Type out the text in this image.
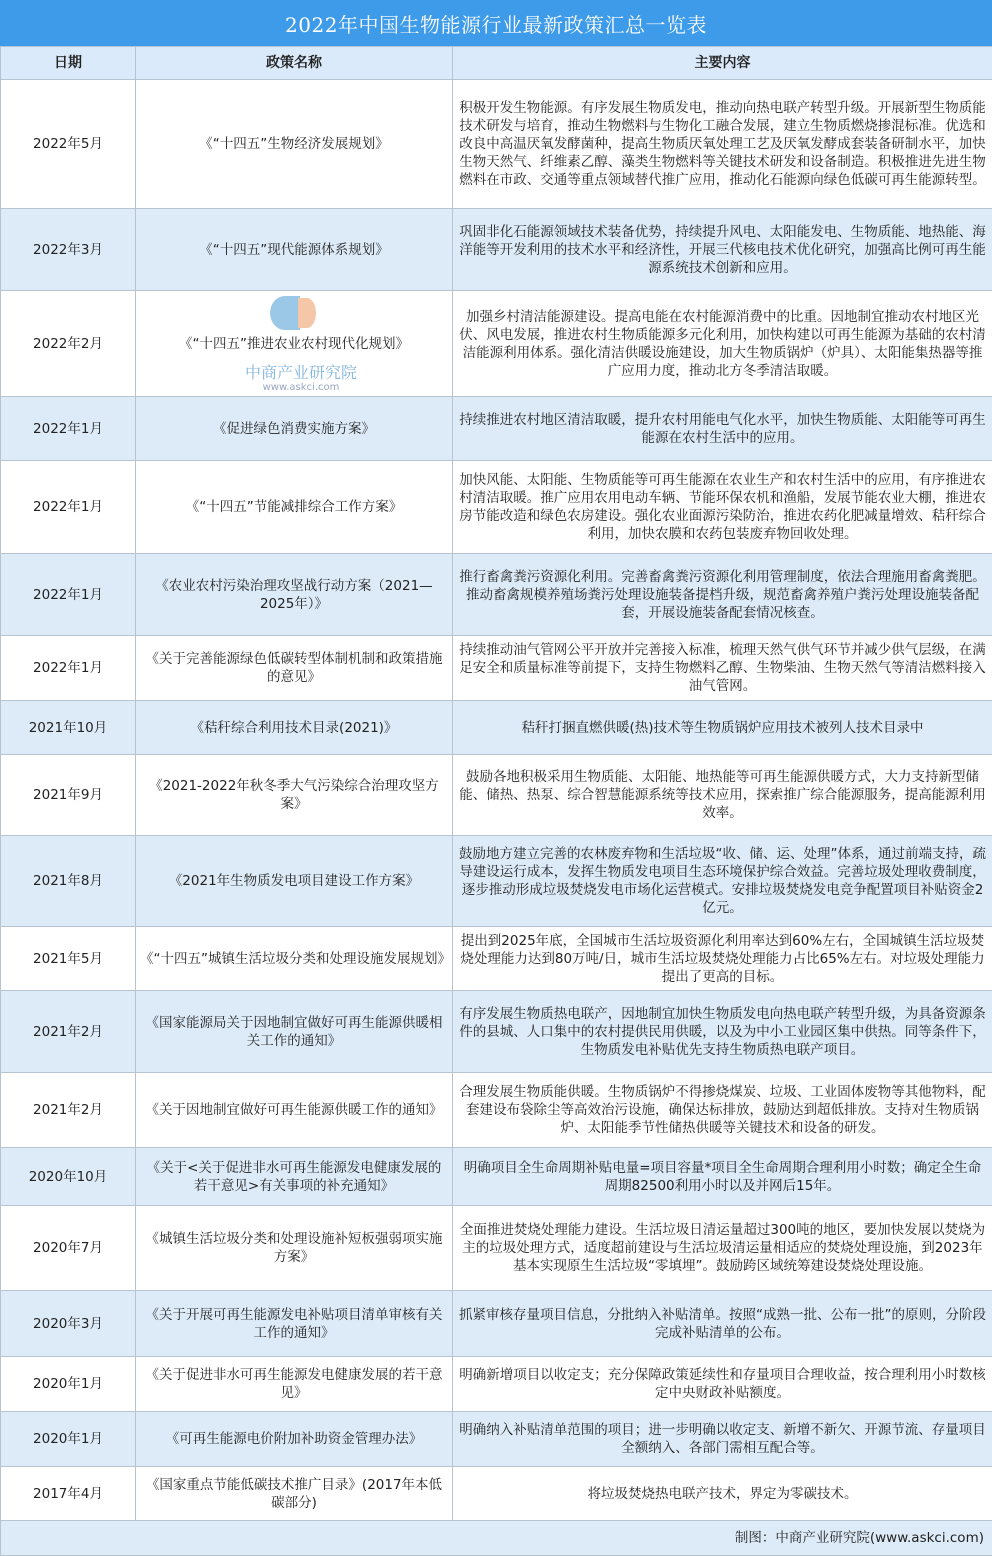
2022年中国生物能源行业最新政策汇总一览表
日期	政策名称	主要内容
2022年5月	《“十四五”生物经济发展规划》	积极开发生物能源。有序发展生物质发电，推动向热电联产转型升级。开展新型生物质能技术研发与培育，推动生物燃料与生物化工融合发展，建立生物质燃烧掺混标准。优选和改良中高温厌氧发酵菌种，提高生物质厌氧处理工艺及厌氧发酵成套装备研制水平，加快生物天然气、纤维素乙醇、藻类生物燃料等关键技术研发和设备制造。积极推进先进生物燃料在市政、交通等重点领域替代推广应用，推动化石能源向绿色低碳可再生能源转型。
2022年3月	《“十四五”现代能源体系规划》	巩固非化石能源领域技术装备优势，持续提升风电、太阳能发电、生物质能、地热能、海洋能等开发利用的技术水平和经济性，开展三代核电技术优化研究，加强高比例可再生能源系统技术创新和应用。
2022年2月	《“十四五”推进农业农村现代化规划》	加强乡村清洁能源建设。提高电能在农村能源消费中的比重。因地制宜推动农村地区光伏、风电发展，推进农村生物质能源多元化利用，加快构建以可再生能源为基础的农村清洁能源利用体系。强化清洁供暖设施建设，加大生物质锅炉（炉具）、太阳能集热器等推广应用力度，推动北方冬季清洁取暖。
2022年1月	《促进绿色消费实施方案》	持续推进农村地区清洁取暖，提升农村用能电气化水平，加快生物质能、太阳能等可再生能源在农村生活中的应用。
2022年1月	《“十四五”节能减排综合工作方案》	加快风能、太阳能、生物质能等可再生能源在农业生产和农村生活中的应用，有序推进农村清洁取暖。推广应用农用电动车辆、节能环保农机和渔船，发展节能农业大棚，推进农房节能改造和绿色农房建设。强化农业面源污染防治，推进农药化肥减量增效、秸秆综合利用，加快农膜和农药包装废弃物回收处理。
2022年1月	《农业农村污染治理攻坚战行动方案（2021—2025年）》	推行畜禽粪污资源化利用。完善畜禽粪污资源化利用管理制度，依法合理施用畜禽粪肥。推动畜禽规模养殖场粪污处理设施装备提档升级，规范畜禽养殖户粪污处理设施装备配套，开展设施装备配套情况核查。
2022年1月	《关于完善能源绿色低碳转型体制机制和政策措施的意见》	持续推动油气管网公平开放并完善接入标准，梳理天然气供气环节并减少供气层级，在满足安全和质量标准等前提下，支持生物燃料乙醇、生物柴油、生物天然气等清洁燃料接入油气管网。
2021年10月	《秸秆综合利用技术目录(2021)》	秸秆打捆直燃供暖(热)技术等生物质锅炉应用技术被列人技术目录中
2021年9月	《2021-2022年秋冬季大气污染综合治理攻坚方案》	鼓励各地积极采用生物质能、太阳能、地热能等可再生能源供暖方式，大力支持新型储能、储热、热泵、综合智慧能源系统等技术应用，探索推广综合能源服务，提高能源利用效率。
2021年8月	《2021年生物质发电项目建设工作方案》	鼓励地方建立完善的农林废弃物和生活垃圾“收、储、运、处理”体系，通过前端支持，疏导建设运行成本，发挥生物质发电项目生态环境保护综合效益。完善垃圾处理收费制度，逐步推动形成垃圾焚烧发电市场化运营模式。安排垃圾焚烧发电竞争配置项目补贴资金2亿元。
2021年5月	《“十四五”城镇生活垃圾分类和处理设施发展规划》	提出到2025年底，全国城市生活垃圾资源化利用率达到60%左右，全国城镇生活垃圾焚烧处理能力达到80万吨/日，城市生活垃圾焚烧处理能力占比65%左右。对垃圾处理能力提出了更高的目标。
2021年2月	《国家能源局关于因地制宜做好可再生能源供暖相关工作的通知》	有序发展生物质热电联产，因地制宜加快生物质发电向热电联产转型升级，为具备资源条件的县城、人口集中的农村提供民用供暖，以及为中小工业园区集中供热。同等条件下，生物质发电补贴优先支持生物质热电联产项目。
2021年2月	《关于因地制宜做好可再生能源供暖工作的通知》	合理发展生物质能供暖。生物质锅炉不得掺烧煤炭、垃圾、工业固体废物等其他物料，配套建设布袋除尘等高效治污设施，确保达标排放，鼓励达到超低排放。支持对生物质锅炉、太阳能季节性储热供暖等关键技术和设备的研发。
2020年10月	《关于<关于促进非水可再生能源发电健康发展的若干意见>有关事项的补充通知》	明确项目全生命周期补贴电量=项目容量*项目全生命周期合理利用小时数；确定全生命周期82500利用小时以及并网后15年。
2020年7月	《城镇生活垃圾分类和处理设施补短板强弱项实施方案》	全面推进焚烧处理能力建设。生活垃圾日清运量超过300吨的地区，要加快发展以焚烧为主的垃圾处理方式，适度超前建设与生活垃圾清运量相适应的焚烧处理设施，到2023年基本实现原生生活垃圾“零填埋”。鼓励跨区域统筹建设焚烧处理设施。
2020年3月	《关于开展可再生能源发电补贴项目清单审核有关工作的通知》	抓紧审核存量项目信息，分批纳入补贴清单。按照“成熟一批、公布一批”的原则，分阶段完成补贴清单的公布。
2020年1月	《关于促进非水可再生能源发电健康发展的若干意见》	明确新增项目以收定支；充分保障政策延续性和存量项目合理收益，按合理利用小时数核定中央财政补贴额度。
2020年1月	《可再生能源电价附加补助资金管理办法》	明确纳入补贴清单范围的项目；进一步明确以收定支、新增不新欠、开源节流、存量项目全额纳入、各部门需相互配合等。
2017年4月	《国家重点节能低碳技术推广目录》(2017年本低碳部分)	将垃圾焚烧热电联产技术，界定为零碳技术。
制图：中商产业研究院(www.askci.com)		
中商产业研究院
www.askci.com
